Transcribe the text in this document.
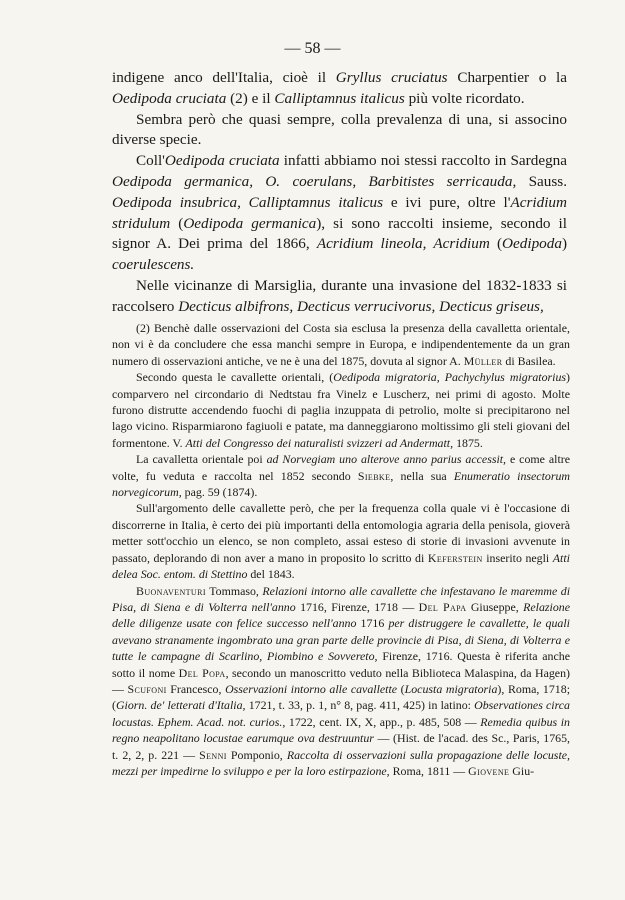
— 58 —

indigene anco dell'Italia, cioè il Gryllus cruciatus Charpentier o la Oedipoda cruciata (2) e il Calliptamnus italicus più volte ricordato.

Sembra però che quasi sempre, colla prevalenza di una, si associno diverse specie.

Coll'Oedipoda cruciata infatti abbiamo noi stessi raccolto in Sardegna Oedipoda germanica, O. coerulans, Barbitistes serricauda, Sauss. Oedipoda insubrica, Calliptamnus italicus e ivi pure, oltre l'Acridium stridulum (Oedipoda germanica), si sono raccolti insieme, secondo il signor A. Dei prima del 1866, Acridium lineola, Acridium (Oedipoda) coerulescens.

Nelle vicinanze di Marsiglia, durante una invasione del 1832-1833 si raccolsero Decticus albifrons, Decticus verrucivorus, Decticus griseus,

(2) Benchè dalle osservazioni del Costa sia esclusa la presenza della cavalletta orientale, non vi è da concludere che essa manchi sempre in Europa, e indipendentemente da un gran numero di osservazioni antiche, ve ne è una del 1875, dovuta al signor A. Müller di Basilea.

Secondo questa le cavallette orientali, (Oedipoda migratoria, Pachychylus migratorius) comparvero nel circondario di Nedtstau fra Vinelz e Luscherz, nei primi di agosto. Molte furono distrutte accendendo fuochi di paglia inzuppata di petrolio, molte si precipitarono nel lago vicino. Risparmiarono fagiuoli e patate, ma danneggiarono moltissimo gli steli giovani del formentone. V. Atti del Congresso dei naturalisti svizzeri ad Andermatt, 1875.

La cavalletta orientale poi ad Norvegiam uno alterove anno parius accessit, e come altre volte, fu veduta e raccolta nel 1852 secondo Siebke, nella sua Enumeratio insectorum norvegicorum, pag. 59 (1874).

Sull'argomento delle cavallette però, che per la frequenza colla quale vi è l'occasione di discorrerne in Italia, è certo dei più importanti della entomologia agraria della penisola, gioverà metter sott'occhio un elenco, se non completo, assai esteso di storie di invasioni avvenute in passato, deplorando di non aver a mano in proposito lo scritto di Keferstein inserito negli Atti delea Soc. entom. di Stettino del 1843.

Buonaventuri Tommaso, Relazioni intorno alle cavallette che infestavano le maremme di Pisa, di Siena e di Volterra nell'anno 1716, Firenze, 1718 — Del Papa Giuseppe, Relazione delle diligenze usate con felice successo nell'anno 1716 per distruggere le cavallette, le quali avevano stranamente ingombrato una gran parte delle provincie di Pisa, di Siena, di Volterra e tutte le campagne di Scarlino, Piombino e Sovvereto, Firenze, 1716. Questa è riferita anche sotto il nome Del Popa, secondo un manoscritto veduto nella Biblioteca Malaspina, da Hagen) — Scufoni Francesco, Osservazioni intorno alle cavallette (Locusta migratoria), Roma, 1718; (Giorn. de' letterati d'Italia, 1721, t. 33, p. 1, n° 8, pag. 411, 425) in latino: Observationes circa locustas. Ephem. Acad. not. curios., 1722, cent. IX, X, app., p. 485, 508 — Remedia quibus in regno neapolitano locustae earumque ova destruuntur — (Hist. de l'acad. des Sc., Paris, 1765, t. 2, 2, p. 221 — Senni Pomponio, Raccolta di osservazioni sulla propagazione delle locuste, mezzi per impedirne lo sviluppo e per la loro estirpazione, Roma, 1811 — Giovene Giu-
